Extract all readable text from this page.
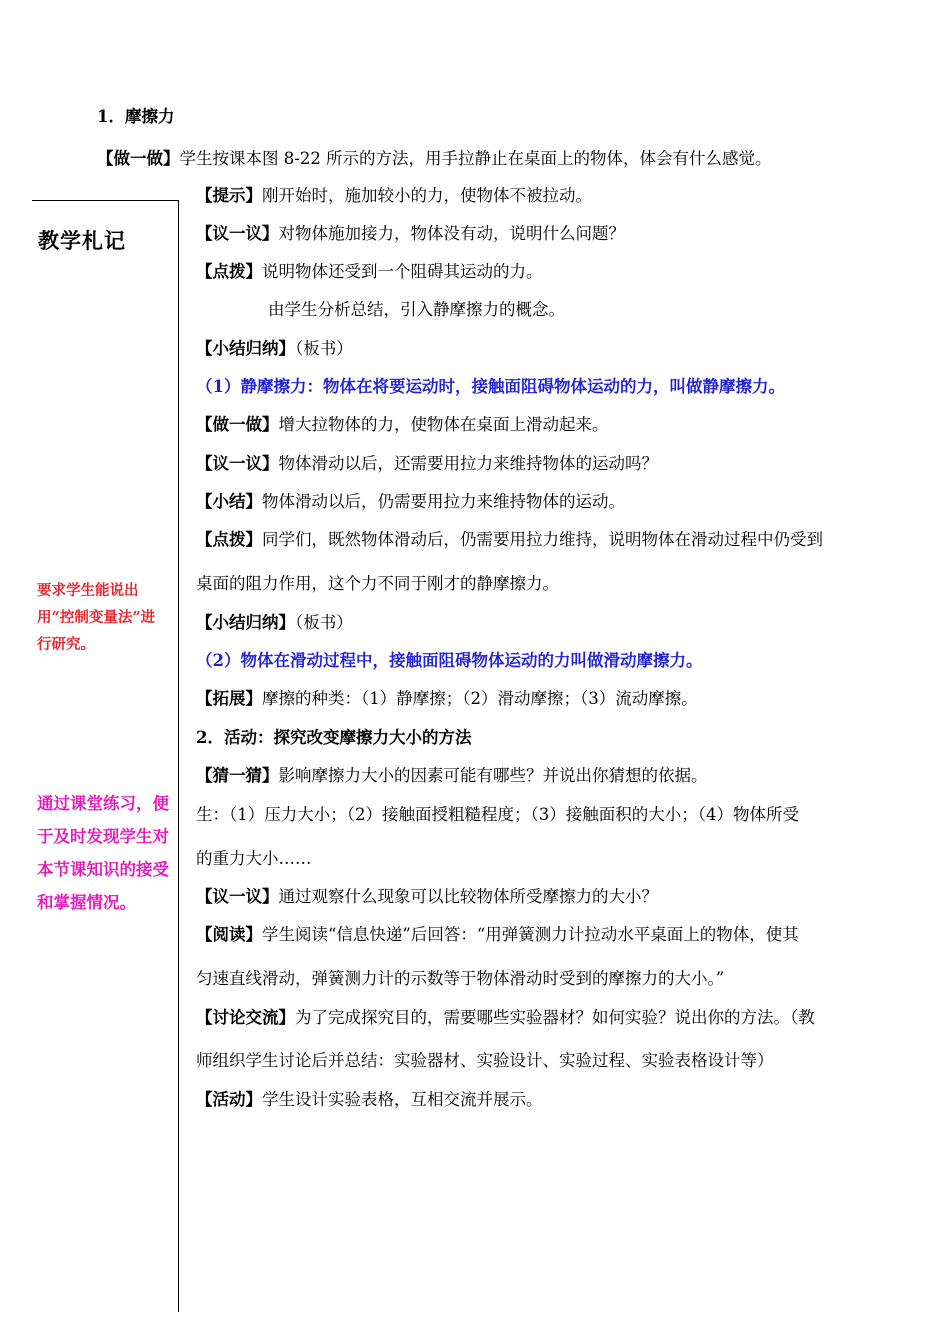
1．摩擦力
【做一做】学生按课本图 8-22 所示的方法，用手拉静止在桌面上的物体，体会有什么感觉。
教学札记
要求学生能说出用“控制变量法”进行研究。
通过课堂练习，便于及时发现学生对本节课知识的接受和掌握情况。
【提示】刚开始时，施加较小的力，使物体不被拉动。
【议一议】对物体施加接力，物体没有动，说明什么问题？
【点拨】说明物体还受到一个阻碍其运动的力。
由学生分析总结，引入静摩擦力的概念。
【小结归纳】（板书）
（1）静摩擦力：物体在将要运动时，接触面阻碍物体运动的力，叫做静摩擦力。
【做一做】增大拉物体的力，使物体在桌面上滑动起来。
【议一议】物体滑动以后，还需要用拉力来维持物体的运动吗？
【小结】物体滑动以后，仍需要用拉力来维持物体的运动。
【点拨】同学们，既然物体滑动后，仍需要用拉力维持，说明物体在滑动过程中仍受到
桌面的阻力作用，这个力不同于刚才的静摩擦力。
【小结归纳】（板书）
（2）物体在滑动过程中，接触面阻碍物体运动的力叫做滑动摩擦力。
【拓展】摩擦的种类：（1）静摩擦；（2）滑动摩擦；（3）流动摩擦。
2．活动：探究改变摩擦力大小的方法
【猜一猜】影响摩擦力大小的因素可能有哪些？并说出你猜想的依据。
生：（1）压力大小；（2）接触面授粗糙程度；（3）接触面积的大小；（4）物体所受
的重力大小……
【议一议】通过观察什么现象可以比较物体所受摩擦力的大小？
【阅读】学生阅读“信息快递”后回答：“用弹簧测力计拉动水平桌面上的物体，使其
匀速直线滑动，弹簧测力计的示数等于物体滑动时受到的摩擦力的大小。”
【讨论交流】为了完成探究目的，需要哪些实验器材？如何实验？说出你的方法。（教
师组织学生讨论后并总结：实验器材、实验设计、实验过程、实验表格设计等）
【活动】学生设计实验表格，互相交流并展示。
